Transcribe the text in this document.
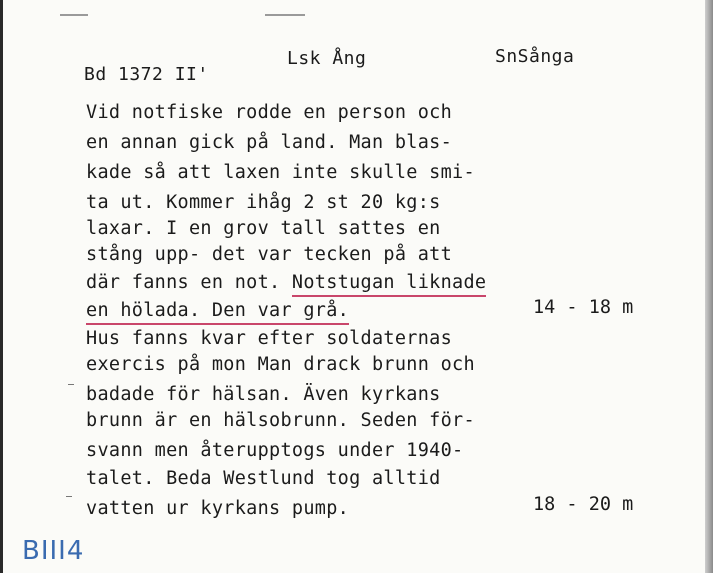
Bd 1372 II'
Lsk Ång	SnSånga
Vid notfiske rodde en person och
en annan gick på land. Man blas-
kade så att laxen inte skulle smi-
ta ut. Kommer ihåg 2 st 20 kg:s
laxar. I en grov tall sattes en
stång upp- det var tecken på att
där fanns en not. Notstugan liknade
en hölada. Den var grå.	14 - 18 m
Hus fanns kvar efter soldaternas
exercis på mon Man drack brunn och
badade för hälsan. Även kyrkans
brunn är en hälsobrunn. Seden för-
svann men återupptogs under 1940-
talet. Beda Westlund tog alltid
vatten ur kyrkans pump.	18 - 20 m
BIII4
